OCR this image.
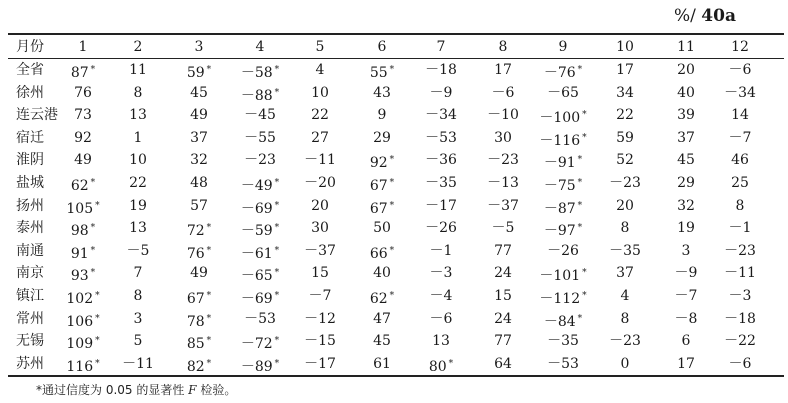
%/ 40a
月份	1	2	3	4	5	6	7	8	9	10	11	12
全省	87 *	11	59 *	－58 *	4	55 *	－18	17	－76 *	17	20	－6
徐州	76	8	45	－88 *	10	43	－9	－6	－65	34	40	－34
连云港	73	13	49	－45	22	9	－34	－10	－100 *	22	39	14
宿迁	92	1	37	－55	27	29	－53	30	－116 *	59	37	－7
淮阴	49	10	32	－23	－11	92 *	－36	－23	－91 *	52	45	46
盐城	62 *	22	48	－49 *	－20	67 *	－35	－13	－75 *	－23	29	25
扬州	105 *	19	57	－69 *	20	67 *	－17	－37	－87 *	20	32	8
泰州	98 *	13	72 *	－59 *	30	50	－26	－5	－97 *	8	19	－1
南通	91 *	－5	76 *	－61 *	－37	66 *	－1	77	－26	－35	3	－23
南京	93 *	7	49	－65 *	15	40	－3	24	－101 *	37	－9	－11
镇江	102 *	8	67 *	－69 *	－7	62 *	－4	15	－112 *	4	－7	－3
常州	106 *	3	78 *	－53	－12	47	－6	24	－84 *	8	－8	－18
无锡	109 *	5	85 *	－72 *	－15	45	13	77	－35	－23	6	－22
苏州	116 *	－11	82 *	－89 *	－17	61	80 *	64	－53	0	17	－6
*通过信度为 0.05 的显著性 F 检验。
